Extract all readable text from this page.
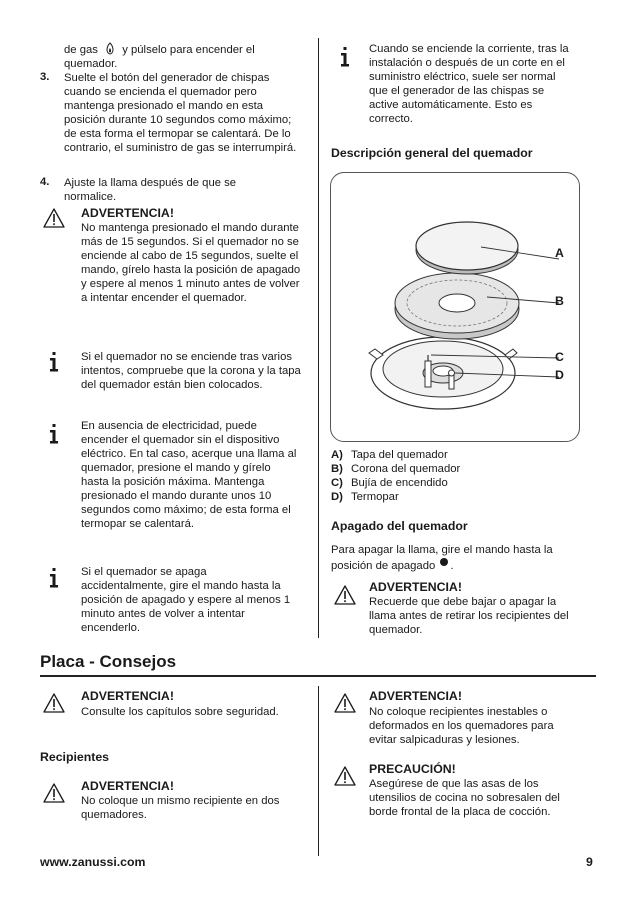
de gas y púlselo para encender el quemador.
3. Suelte el botón del generador de chispas cuando se encienda el quemador pero mantenga presionado el mando en esta posición durante 10 segundos como máximo; de esta forma el termopar se calentará. De lo contrario, el suministro de gas se interrumpirá.
4. Ajuste la llama después de que se normalice.
ADVERTENCIA!
No mantenga presionado el mando durante más de 15 segundos. Si el quemador no se enciende al cabo de 15 segundos, suelte el mando, gírelo hasta la posición de apagado y espere al menos 1 minuto antes de volver a intentar encender el quemador.
Si el quemador no se enciende tras varios intentos, compruebe que la corona y la tapa del quemador están bien colocados.
En ausencia de electricidad, puede encender el quemador sin el dispositivo eléctrico. En tal caso, acerque una llama al quemador, presione el mando y gírelo hasta la posición máxima. Mantenga presionado el mando durante unos 10 segundos como máximo; de esta forma el termopar se calentará.
Si el quemador se apaga accidentalmente, gire el mando hasta la posición de apagado y espere al menos 1 minuto antes de volver a intentar encenderlo.
Cuando se enciende la corriente, tras la instalación o después de un corte en el suministro eléctrico, suele ser normal que el generador de las chispas se active automáticamente. Esto es correcto.
Descripción general del quemador
A
B
C
D
A) Tapa del quemador
B) Corona del quemador
C) Bujía de encendido
D) Termopar
Apagado del quemador
Para apagar la llama, gire el mando hasta la posición de apagado .
ADVERTENCIA!
Recuerde que debe bajar o apagar la llama antes de retirar los recipientes del quemador.
Placa - Consejos
ADVERTENCIA!
Consulte los capítulos sobre seguridad.
Recipientes
ADVERTENCIA!
No coloque un mismo recipiente en dos quemadores.
ADVERTENCIA!
No coloque recipientes inestables o deformados en los quemadores para evitar salpicaduras y lesiones.
PRECAUCIÓN!
Asegúrese de que las asas de los utensilios de cocina no sobresalen del borde frontal de la placa de cocción.
www.zanussi.com	9
